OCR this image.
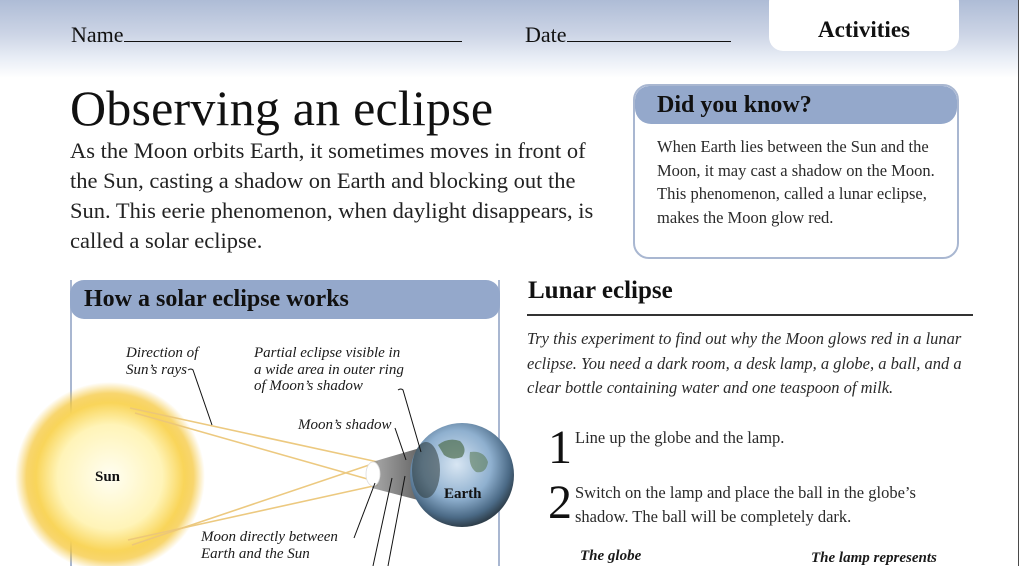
Name	Date	Activities
Observing an eclipse

As the Moon orbits Earth, it sometimes moves in front of the Sun, casting a shadow on Earth and blocking out the Sun. This eerie phenomenon, when daylight disappears, is called a solar eclipse.

Did you know?
When Earth lies between the Sun and the Moon, it may cast a shadow on the Moon. This phenomenon, called a lunar eclipse, makes the Moon glow red.
How a solar eclipse works
Direction of Sun’s rays
Partial eclipse visible in a wide area in outer ring of Moon’s shadow
Moon’s shadow
Moon directly between Earth and the Sun
Sun
Earth
Lunar eclipse

Try this experiment to find out why the Moon glows red in a lunar eclipse. You need a dark room, a desk lamp, a globe, a ball, and a clear bottle containing water and one teaspoon of milk.

1 Line up the globe and the lamp.
2 Switch on the lamp and place the ball in the globe’s shadow. The ball will be completely dark.
The globe	The lamp represents
